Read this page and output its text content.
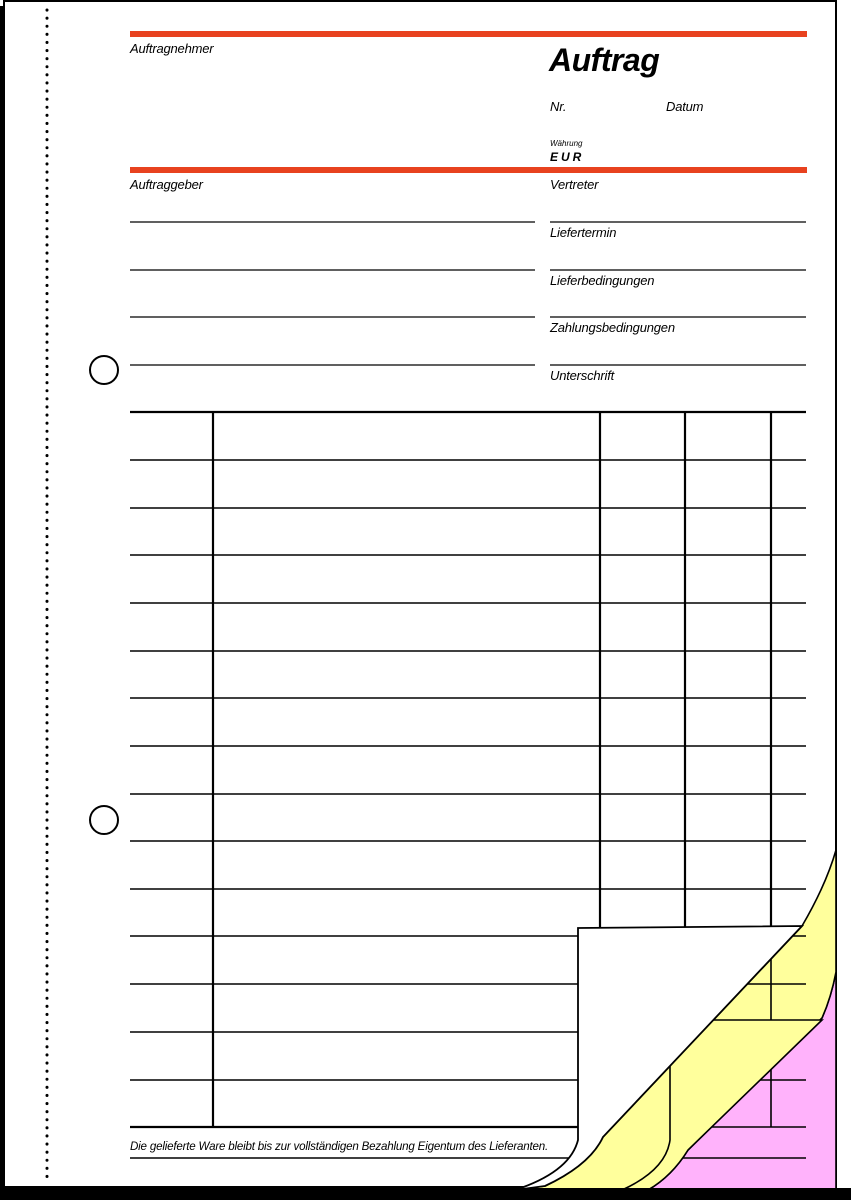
Auftragnehmer	Auftrag
Nr.	Datum
Währung
EUR
Auftraggeber	Vertreter
Liefertermin
Lieferbedingungen
Zahlungsbedingungen
Unterschrift
Die gelieferte Ware bleibt bis zur vollständigen Bezahlung Eigentum des Lieferanten.
